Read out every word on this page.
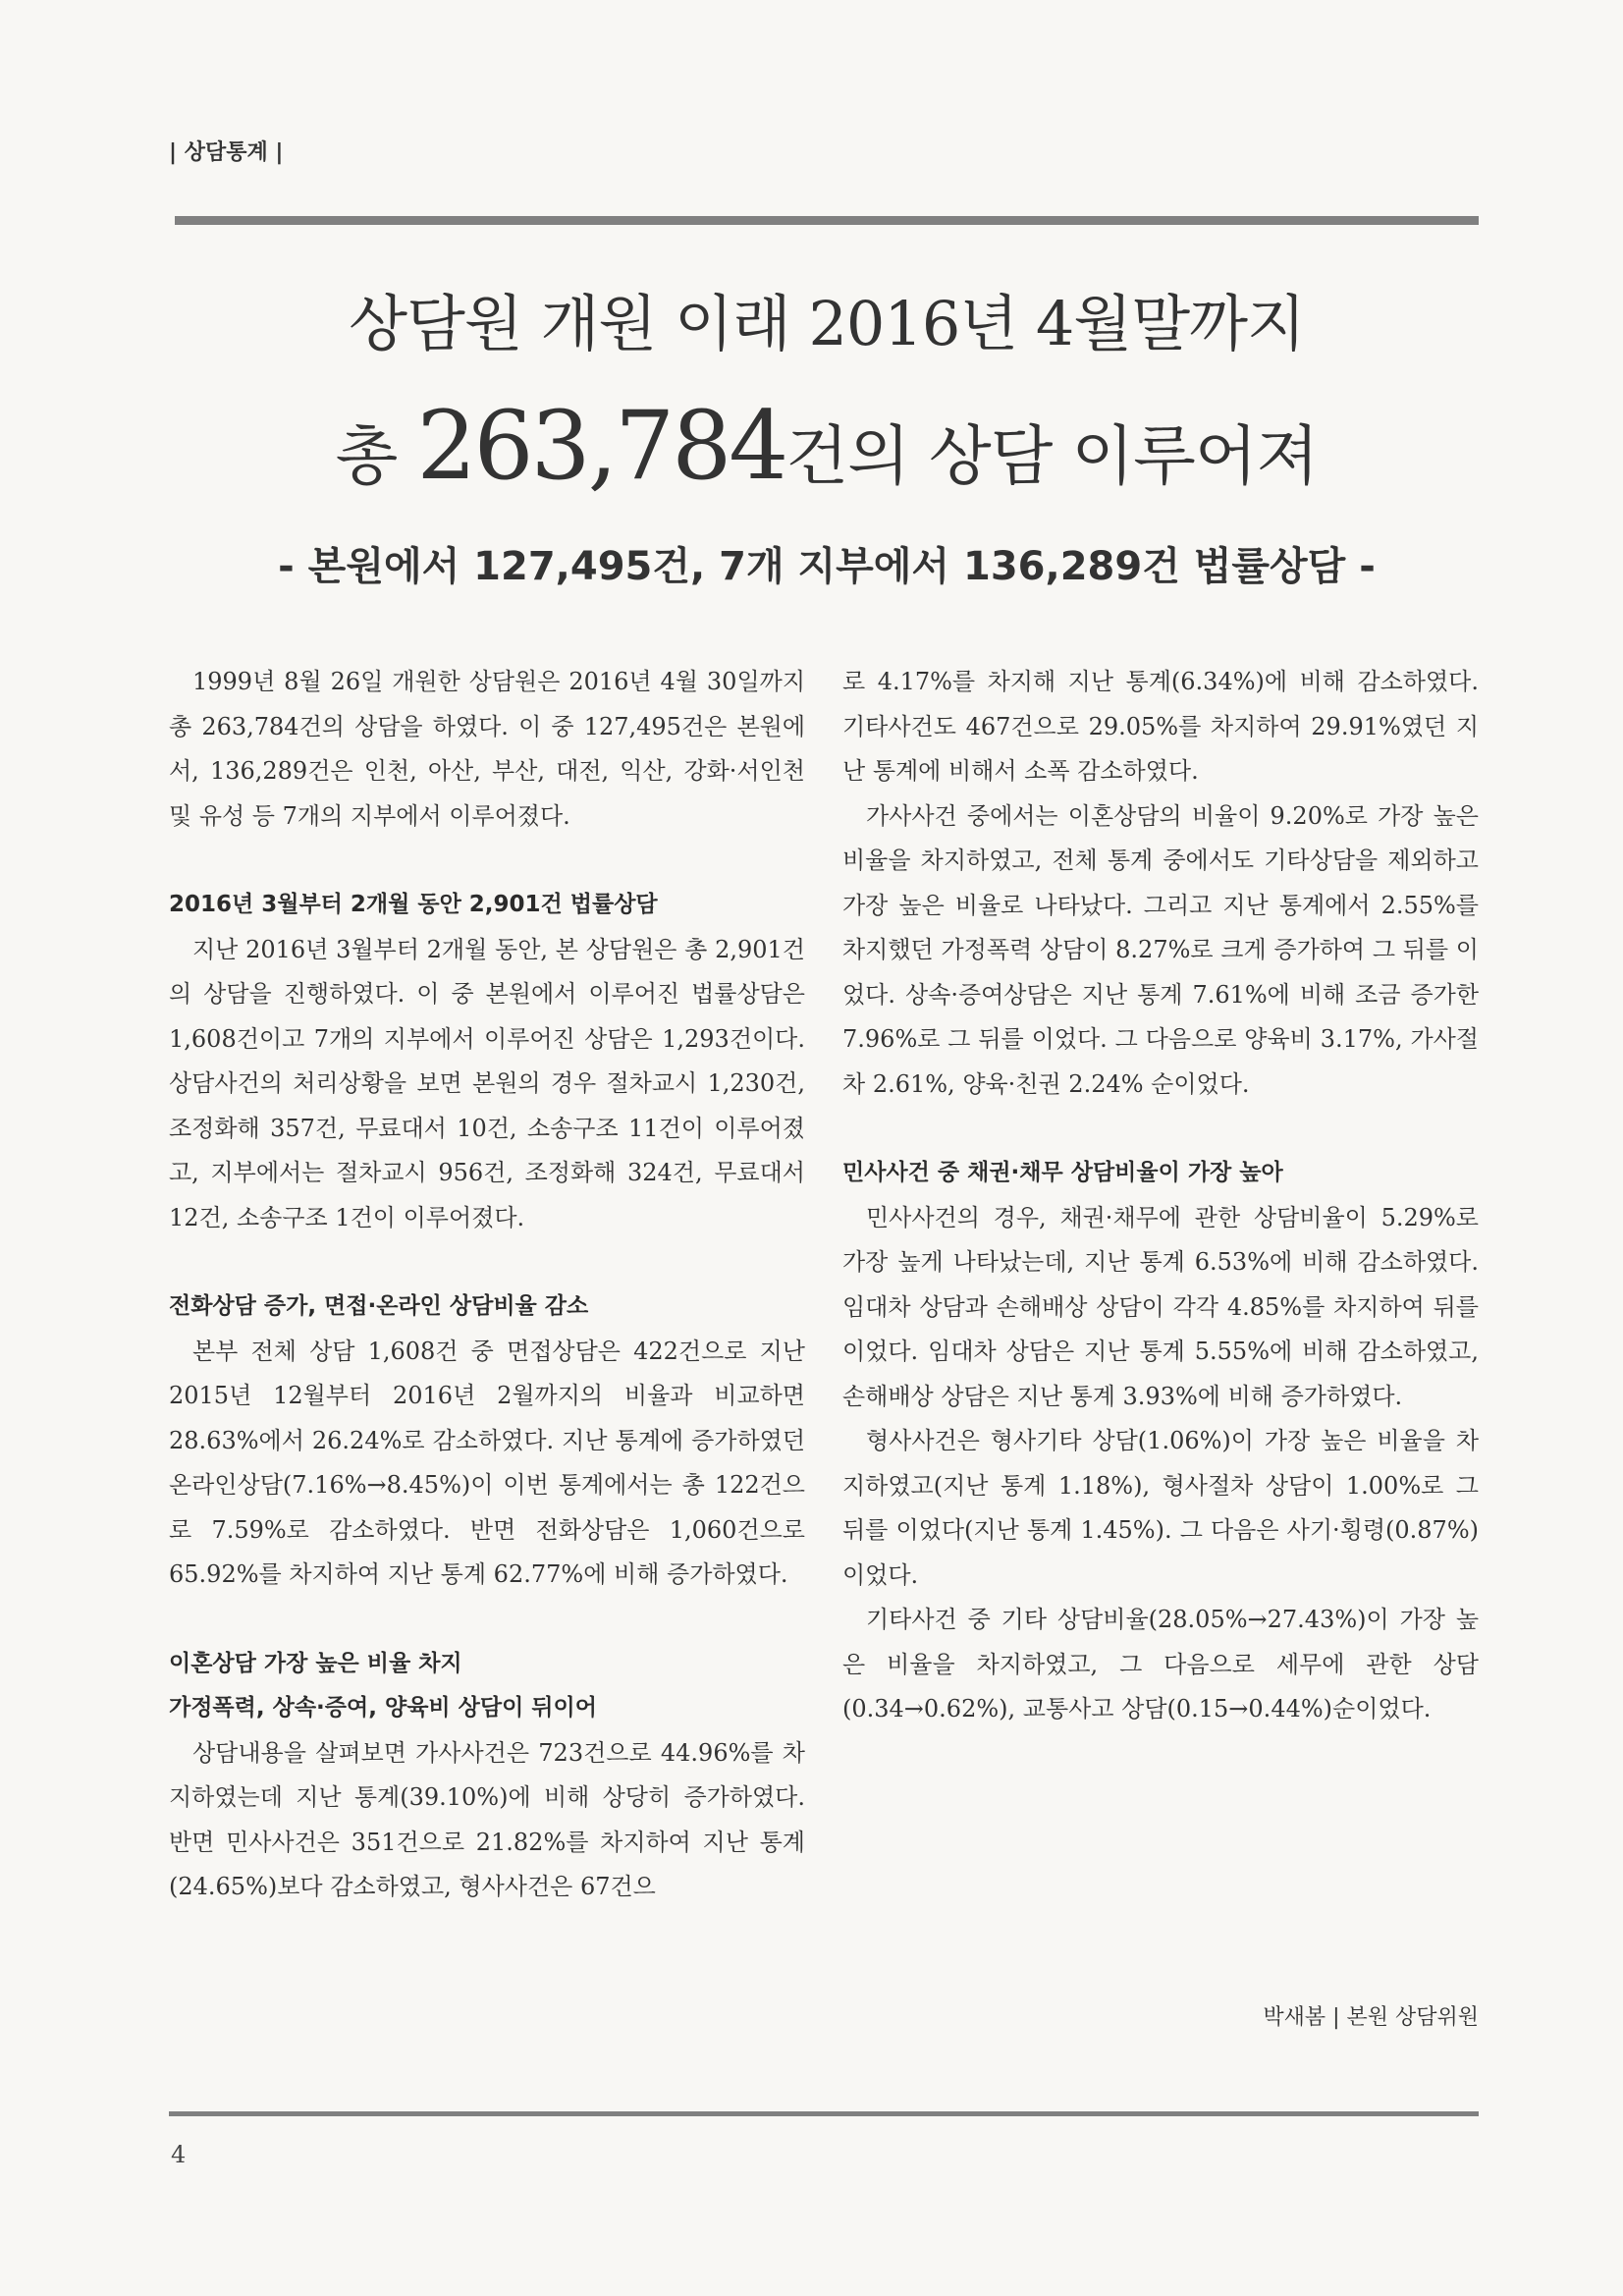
| 상담통계 |
상담원 개원 이래 2016년 4월말까지
총 263,784건의 상담 이루어져
- 본원에서 127,495건, 7개 지부에서 136,289건 법률상담 -

1999년 8월 26일 개원한 상담원은 2016년 4월 30일까지 총 263,784건의 상담을 하였다. 이 중 127,495건은 본원에서, 136,289건은 인천, 아산, 부산, 대전, 익산, 강화·서인천 및 유성 등 7개의 지부에서 이루어졌다.

2016년 3월부터 2개월 동안 2,901건 법률상담

지난 2016년 3월부터 2개월 동안, 본 상담원은 총 2,901건의 상담을 진행하였다. 이 중 본원에서 이루어진 법률상담은 1,608건이고 7개의 지부에서 이루어진 상담은 1,293건이다. 상담사건의 처리상황을 보면 본원의 경우 절차교시 1,230건, 조정화해 357건, 무료대서 10건, 소송구조 11건이 이루어졌고, 지부에서는 절차교시 956건, 조정화해 324건, 무료대서 12건, 소송구조 1건이 이루어졌다.

전화상담 증가, 면접·온라인 상담비율 감소

본부 전체 상담 1,608건 중 면접상담은 422건으로 지난 2015년 12월부터 2016년 2월까지의 비율과 비교하면 28.63%에서 26.24%로 감소하였다. 지난 통계에 증가하였던 온라인상담(7.16%→8.45%)이 이번 통계에서는 총 122건으로 7.59%로 감소하였다. 반면 전화상담은 1,060건으로 65.92%를 차지하여 지난 통계 62.77%에 비해 증가하였다.

이혼상담 가장 높은 비율 차지
가정폭력, 상속·증여, 양육비 상담이 뒤이어

상담내용을 살펴보면 가사사건은 723건으로 44.96%를 차지하였는데 지난 통계(39.10%)에 비해 상당히 증가하였다. 반면 민사사건은 351건으로 21.82%를 차지하여 지난 통계(24.65%)보다 감소하였고, 형사사건은 67건으

로 4.17%를 차지해 지난 통계(6.34%)에 비해 감소하였다. 기타사건도 467건으로 29.05%를 차지하여 29.91%였던 지난 통계에 비해서 소폭 감소하였다.

가사사건 중에서는 이혼상담의 비율이 9.20%로 가장 높은 비율을 차지하였고, 전체 통계 중에서도 기타상담을 제외하고 가장 높은 비율로 나타났다. 그리고 지난 통계에서 2.55%를 차지했던 가정폭력 상담이 8.27%로 크게 증가하여 그 뒤를 이었다. 상속·증여상담은 지난 통계 7.61%에 비해 조금 증가한 7.96%로 그 뒤를 이었다. 그 다음으로 양육비 3.17%, 가사절차 2.61%, 양육·친권 2.24% 순이었다.

민사사건 중 채권·채무 상담비율이 가장 높아

민사사건의 경우, 채권·채무에 관한 상담비율이 5.29%로 가장 높게 나타났는데, 지난 통계 6.53%에 비해 감소하였다. 임대차 상담과 손해배상 상담이 각각 4.85%를 차지하여 뒤를 이었다. 임대차 상담은 지난 통계 5.55%에 비해 감소하였고, 손해배상 상담은 지난 통계 3.93%에 비해 증가하였다.

형사사건은 형사기타 상담(1.06%)이 가장 높은 비율을 차지하였고(지난 통계 1.18%), 형사절차 상담이 1.00%로 그 뒤를 이었다(지난 통계 1.45%). 그 다음은 사기·횡령(0.87%)이었다.

기타사건 중 기타 상담비율(28.05%→27.43%)이 가장 높은 비율을 차지하였고, 그 다음으로 세무에 관한 상담(0.34→0.62%), 교통사고 상담(0.15→0.44%)순이었다.

박새봄 | 본원 상담위원
4
